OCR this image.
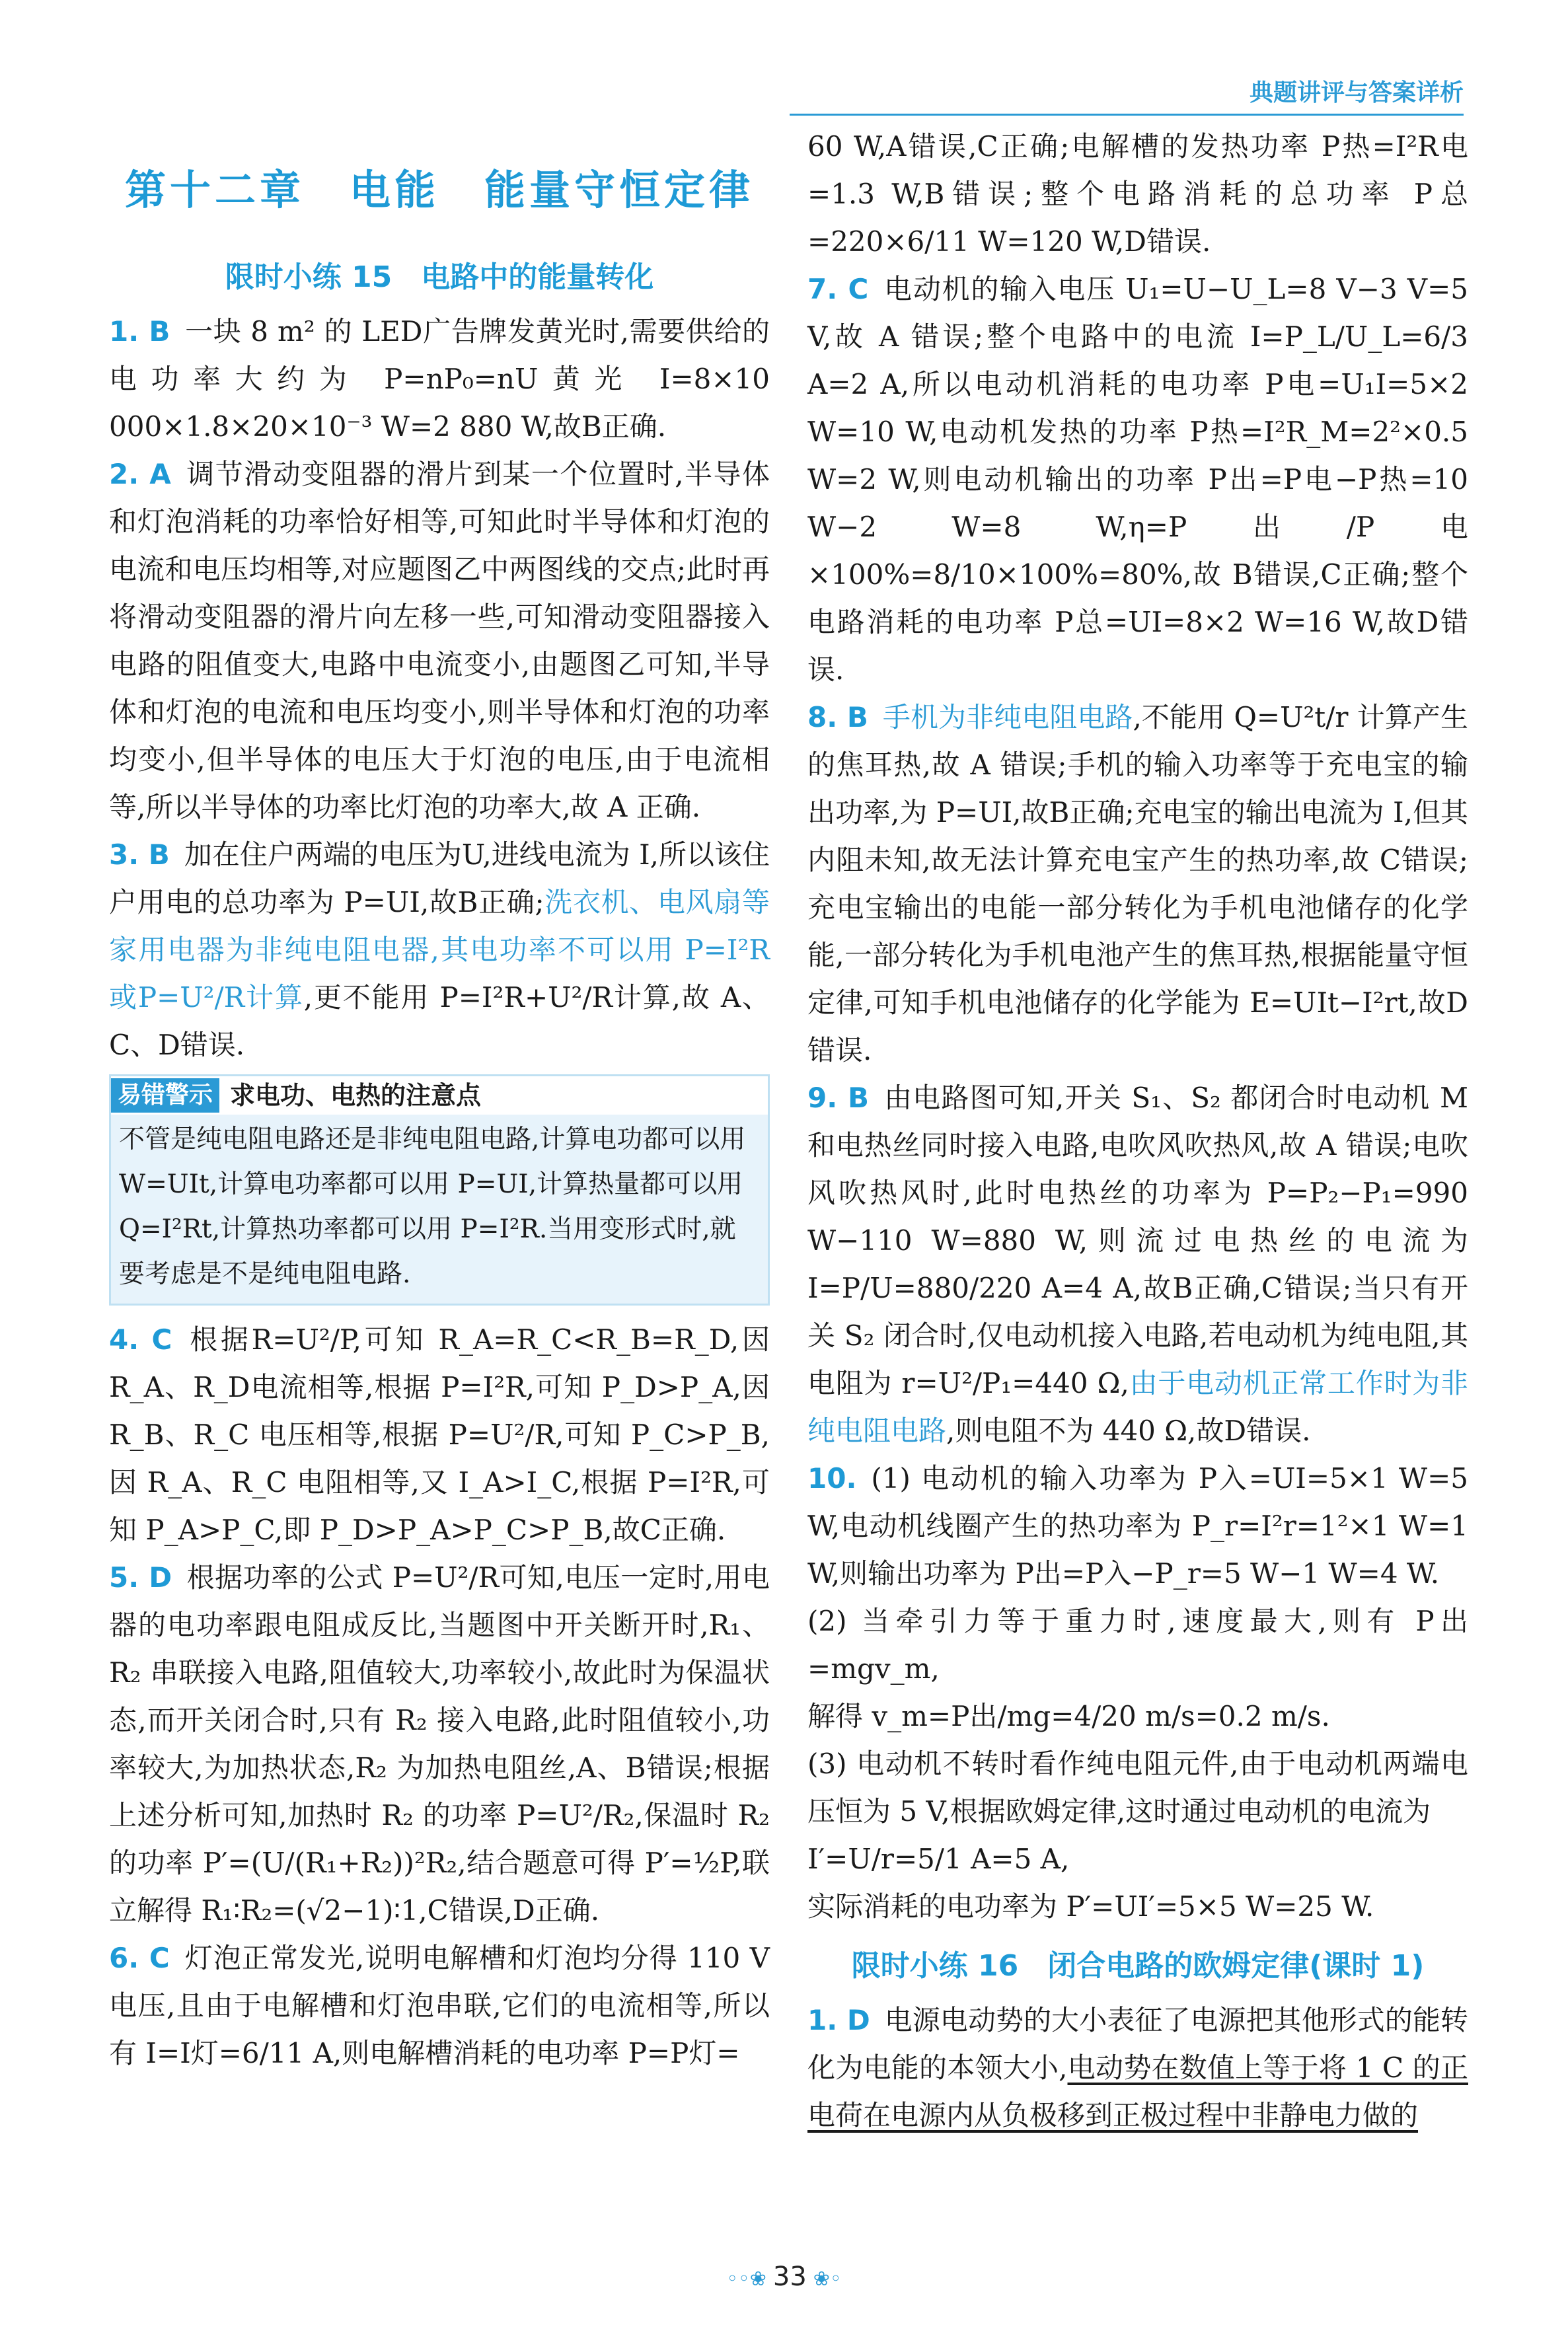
典题讲评与答案详析
第十二章　电能　能量守恒定律
限时小练 15　电路中的能量转化

1. B 一块 8 m² 的 LED广告牌发黄光时,需要供给的电功率大约为 P=nP₀=nU黄光 I=8×10 000×1.8×20×10⁻³ W=2 880 W,故B正确.

2. A 调节滑动变阻器的滑片到某一个位置时,半导体和灯泡消耗的功率恰好相等,可知此时半导体和灯泡的电流和电压均相等,对应题图乙中两图线的交点;此时再将滑动变阻器的滑片向左移一些,可知滑动变阻器接入电路的阻值变大,电路中电流变小,由题图乙可知,半导体和灯泡的电流和电压均变小,则半导体和灯泡的功率均变小,但半导体的电压大于灯泡的电压,由于电流相等,所以半导体的功率比灯泡的功率大,故 A 正确.

3. B 加在住户两端的电压为U,进线电流为 I,所以该住户用电的总功率为 P=UI,故B正确;洗衣机、电风扇等家用电器为非纯电阻电器,其电功率不可以用 P=I²R 或P=U²/R计算,更不能用 P=I²R+U²/R计算,故 A、C、D错误.

易错警示 求电功、电热的注意点
不管是纯电阻电路还是非纯电阻电路,计算电功都可以用 W=UIt,计算电功率都可以用 P=UI,计算热量都可以用 Q=I²Rt,计算热功率都可以用 P=I²R.当用变形式时,就要考虑是不是纯电阻电路.

4. C 根据R=U²/P,可知 R_A=R_C<R_B=R_D,因R_A、R_D电流相等,根据 P=I²R,可知 P_D>P_A,因 R_B、R_C 电压相等,根据 P=U²/R,可知 P_C>P_B,因 R_A、R_C 电阻相等,又 I_A>I_C,根据 P=I²R,可知 P_A>P_C,即 P_D>P_A>P_C>P_B,故C正确.

5. D 根据功率的公式 P=U²/R可知,电压一定时,用电器的电功率跟电阻成反比,当题图中开关断开时,R₁、R₂ 串联接入电路,阻值较大,功率较小,故此时为保温状态,而开关闭合时,只有 R₂ 接入电路,此时阻值较小,功率较大,为加热状态,R₂ 为加热电阻丝,A、B错误;根据上述分析可知,加热时 R₂ 的功率 P=U²/R₂,保温时 R₂的功率 P′=(U/(R₁+R₂))²R₂,结合题意可得 P′=½P,联立解得 R₁∶R₂=(√2−1)∶1,C错误,D正确.

6. C 灯泡正常发光,说明电解槽和灯泡均分得 110 V电压,且由于电解槽和灯泡串联,它们的电流相等,所以有 I=I灯=6/11 A,则电解槽消耗的电功率 P=P灯=

60 W,A错误,C正确;电解槽的发热功率 P热=I²R电=1.3 W,B错误;整个电路消耗的总功率 P总=220×6/11 W=120 W,D错误.

7. C 电动机的输入电压 U₁=U−U_L=8 V−3 V=5 V,故 A 错误;整个电路中的电流 I=P_L/U_L=6/3 A=2 A,所以电动机消耗的电功率 P电=U₁I=5×2 W=10 W,电动机发热的功率 P热=I²R_M=2²×0.5 W=2 W,则电动机输出的功率 P出=P电−P热=10 W−2 W=8 W,η=P出/P电×100%=8/10×100%=80%,故 B错误,C正确;整个电路消耗的电功率 P总=UI=8×2 W=16 W,故D错误.

8. B 手机为非纯电阻电路,不能用 Q=U²t/r 计算产生的焦耳热,故 A 错误;手机的输入功率等于充电宝的输出功率,为 P=UI,故B正确;充电宝的输出电流为 I,但其内阻未知,故无法计算充电宝产生的热功率,故 C错误;充电宝输出的电能一部分转化为手机电池储存的化学能,一部分转化为手机电池产生的焦耳热,根据能量守恒定律,可知手机电池储存的化学能为 E=UIt−I²rt,故D错误.

9. B 由电路图可知,开关 S₁、S₂ 都闭合时电动机 M 和电热丝同时接入电路,电吹风吹热风,故 A 错误;电吹风吹热风时,此时电热丝的功率为 P=P₂−P₁=990 W−110 W=880 W,则流过电热丝的电流为 I=P/U=880/220 A=4 A,故B正确,C错误;当只有开关 S₂ 闭合时,仅电动机接入电路,若电动机为纯电阻,其电阻为 r=U²/P₁=440 Ω,由于电动机正常工作时为非纯电阻电路,则电阻不为 440 Ω,故D错误.

10. (1) 电动机的输入功率为 P入=UI=5×1 W=5 W,电动机线圈产生的热功率为 P_r=I²r=1²×1 W=1 W,则输出功率为 P出=P入−P_r=5 W−1 W=4 W.

(2) 当牵引力等于重力时,速度最大,则有 P出=mgv_m,

解得 v_m=P出/mg=4/20 m/s=0.2 m/s.

(3) 电动机不转时看作纯电阻元件,由于电动机两端电压恒为 5 V,根据欧姆定律,这时通过电动机的电流为

I′=U/r=5/1 A=5 A,

实际消耗的电功率为 P′=UI′=5×5 W=25 W.

限时小练 16　闭合电路的欧姆定律(课时 1)

1. D 电源电动势的大小表征了电源把其他形式的能转化为电能的本领大小,电动势在数值上等于将 1 C 的正电荷在电源内从负极移到正极过程中非静电力做的

◦◦❀ 33 ❀◦
